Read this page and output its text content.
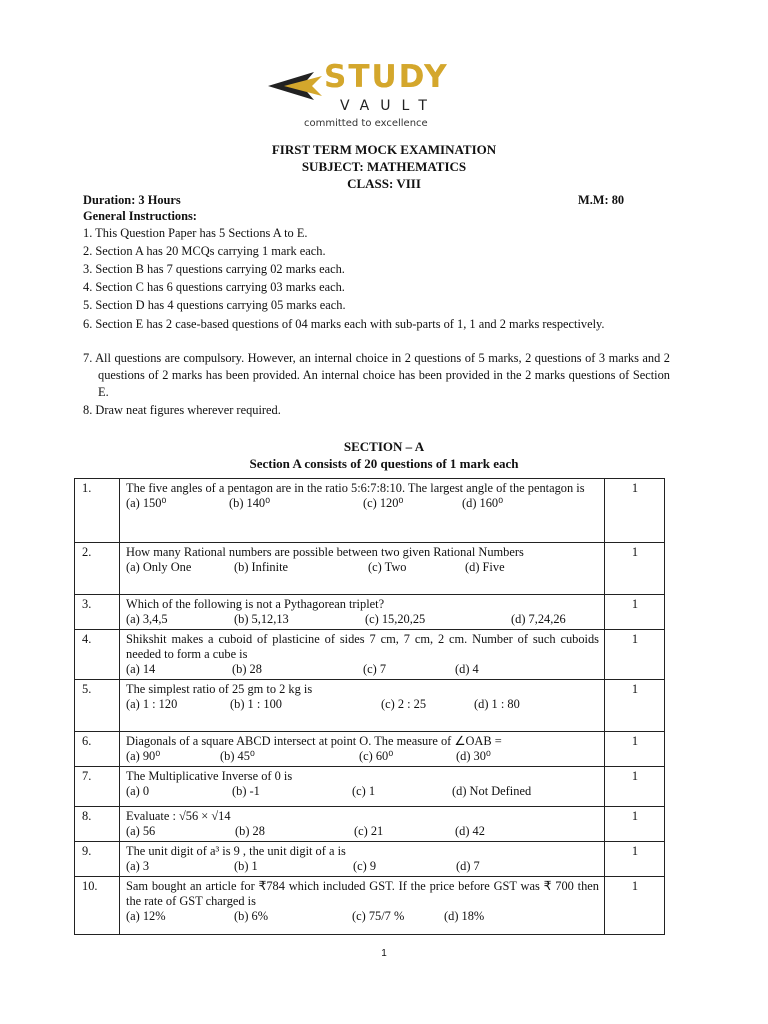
STUDY
VAULT
committed to excellence
FIRST TERM MOCK EXAMINATION
SUBJECT: MATHEMATICS
CLASS: VIII
Duration: 3 Hours	M.M: 80
General Instructions:
1. This Question Paper has 5 Sections A to E.
2. Section A has 20 MCQs carrying 1 mark each.
3. Section B has 7 questions carrying 02 marks each.
4. Section C has 6 questions carrying 03 marks each.
5. Section D has 4 questions carrying 05 marks each.
6. Section E has 2 case-based questions of 04 marks each with sub-parts of 1, 1 and 2 marks respectively.
7. All questions are compulsory. However, an internal choice in 2 questions of 5 marks, 2 questions of 3 marks and 2 questions of 2 marks has been provided. An internal choice has been provided in the 2 marks questions of Section E.
8. Draw neat figures wherever required.
SECTION – A
Section A consists of 20 questions of 1 mark each
1.	The five angles of a pentagon are in the ratio 5:6:7:8:10. The largest angle of the pentagon is
(a) 150⁰ (b) 140⁰ (c) 120⁰ (d) 160⁰	1
2.	How many Rational numbers are possible between two given Rational Numbers
(a) Only One (b) Infinite (c) Two (d) Five	1
3.	Which of the following is not a Pythagorean triplet?
(a) 3,4,5 (b) 5,12,13 (c) 15,20,25 (d) 7,24,26	1
4.	Shikshit makes a cuboid of plasticine of sides 7 cm, 7 cm, 2 cm. Number of such cuboids needed to form a cube is
(a) 14 (b) 28 (c) 7 (d) 4	1
5.	The simplest ratio of 25 gm to 2 kg is
(a) 1 : 120 (b) 1 : 100 (c) 2 : 25 (d) 1 : 80	1
6.	Diagonals of a square ABCD intersect at point O. The measure of ∠OAB =
(a) 90⁰ (b) 45⁰ (c) 60⁰ (d) 30⁰	1
7.	The Multiplicative Inverse of 0 is
(a) 0 (b) -1 (c) 1 (d) Not Defined	1
8.	Evaluate : √56 × √14
(a) 56 (b) 28 (c) 21 (d) 42	1
9.	The unit digit of a³ is 9 , the unit digit of a is
(a) 3 (b) 1 (c) 9 (d) 7	1
10.	Sam bought an article for ₹784 which included GST. If the price before GST was ₹ 700 then the rate of GST charged is
(a) 12% (b) 6% (c) 75/7 % (d) 18%	1
1
